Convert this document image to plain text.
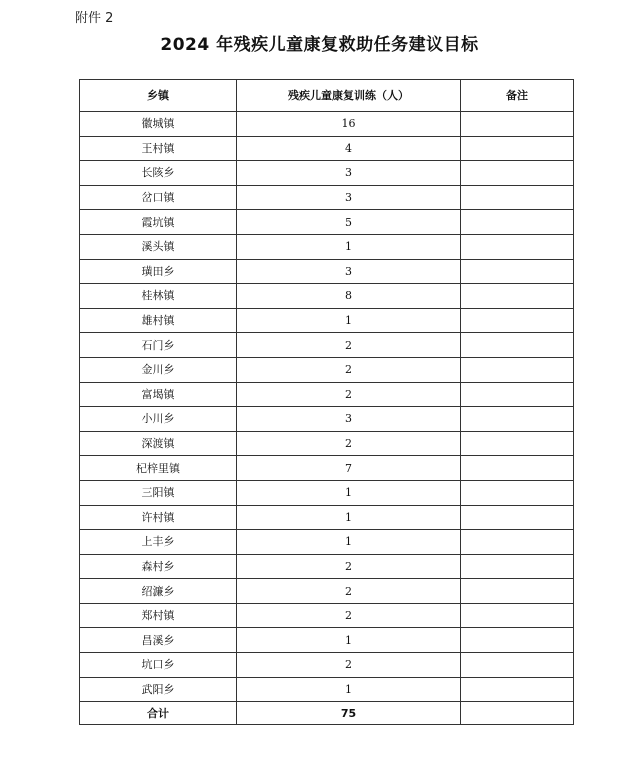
附件 2
2024 年残疾儿童康复救助任务建议目标
乡镇	残疾儿童康复训练（人）	备注
徽城镇	16	
王村镇	4	
长陔乡	3	
岔口镇	3	
霞坑镇	5	
溪头镇	1	
璜田乡	3	
桂林镇	8	
雄村镇	1	
石门乡	2	
金川乡	2	
富堨镇	2	
小川乡	3	
深渡镇	2	
杞梓里镇	7	
三阳镇	1	
许村镇	1	
上丰乡	1	
森村乡	2	
绍濂乡	2	
郑村镇	2	
昌溪乡	1	
坑口乡	2	
武阳乡	1	
合计	75	
